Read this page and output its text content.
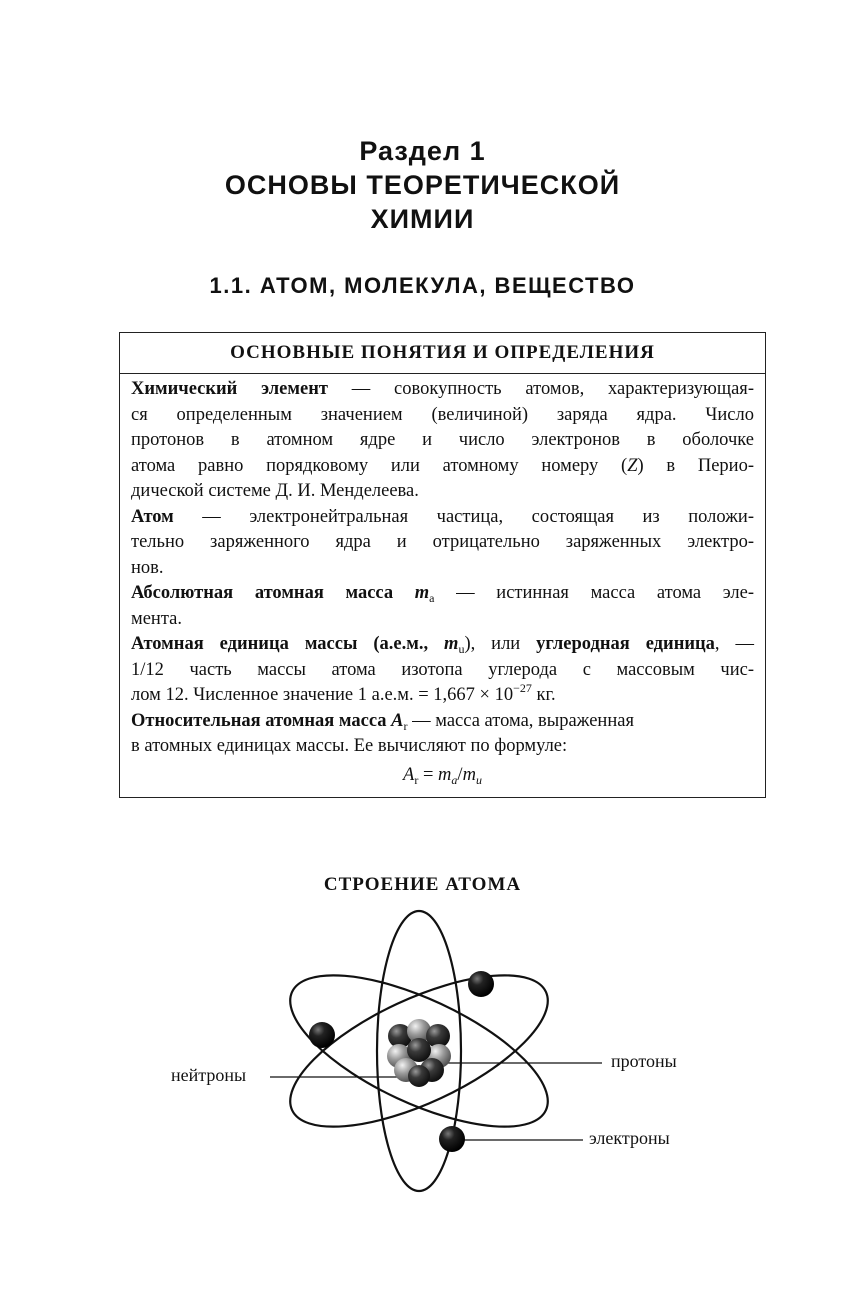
Раздел 1
ОСНОВЫ ТЕОРЕТИЧЕСКОЙ
ХИМИИ
1.1. АТОМ, МОЛЕКУЛА, ВЕЩЕСТВО
ОСНОВНЫЕ ПОНЯТИЯ И ОПРЕДЕЛЕНИЯ
Химический элемент — совокупность атомов, характеризующая-
ся определенным значением (величиной) заряда ядра. Число
протонов в атомном ядре и число электронов в оболочке
атома равно порядковому или атомному номеру (Z) в Перио-
дической системе Д. И. Менделеева.
Атом — электронейтральная частица, состоящая из положи-
тельно заряженного ядра и отрицательно заряженных электро-
нов.
Абсолютная атомная масса $m_a$ — истинная масса атома эле-
мента.
Атомная единица массы (а.е.м., $m_u$), или углеродная единица, —
1/12 часть массы атома изотопа углерода с массовым чис-
лом 12. Численное значение 1 а.е.м. = $1,667 \times 10^{-27}$ кг.
Относительная атомная масса $A_r$ — масса атома, выраженная
в атомных единицах массы. Ее вычисляют по формуле:
$A_r = m_a/m_u$
СТРОЕНИЕ АТОМА
нейтроны
протоны
электроны
